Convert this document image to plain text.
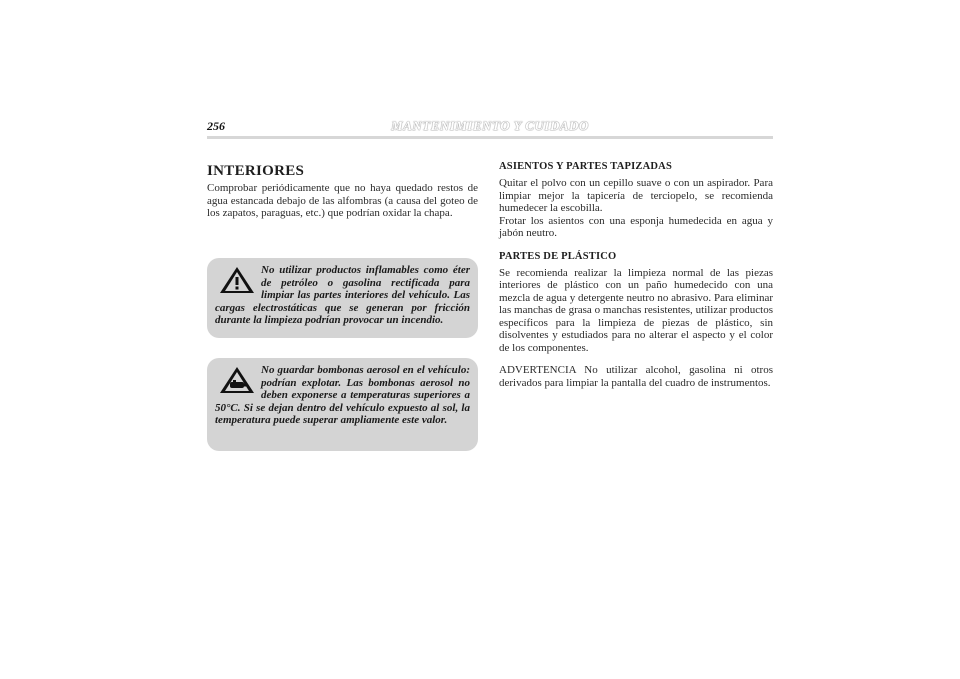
256	MANTENIMIENTO Y CUIDADO
INTERIORES

Comprobar periódicamente que no haya quedado restos de agua estancada debajo de las alfombras (a causa del goteo de los zapatos, paraguas, etc.) que podrían oxidar la chapa.

No utilizar productos inflamables como éter de petróleo o gasolina rectificada para limpiar las partes interiores del vehículo. Las cargas electrostáticas que se generan por fricción durante la limpieza podrían provocar un incendio.

No guardar bombonas aerosol en el vehículo: podrían explotar. Las bombonas aerosol no deben exponerse a temperaturas superiores a 50°C. Si se dejan dentro del vehículo expuesto al sol, la temperatura puede superar ampliamente este valor.

ASIENTOS Y PARTES TAPIZADAS

Quitar el polvo con un cepillo suave o con un aspirador. Para limpiar mejor la tapicería de terciopelo, se recomienda humedecer la escobilla.

Frotar los asientos con una esponja humedecida en agua y jabón neutro.

PARTES DE PLÁSTICO

Se recomienda realizar la limpieza normal de las piezas interiores de plástico con un paño humedecido con una mezcla de agua y detergente neutro no abrasivo. Para eliminar las manchas de grasa o manchas resistentes, utilizar productos específicos para la limpieza de piezas de plástico, sin disolventes y estudiados para no alterar el aspecto y el color de los componentes.

ADVERTENCIA No utilizar alcohol, gasolina ni otros derivados para limpiar la pantalla del cuadro de instrumentos.
